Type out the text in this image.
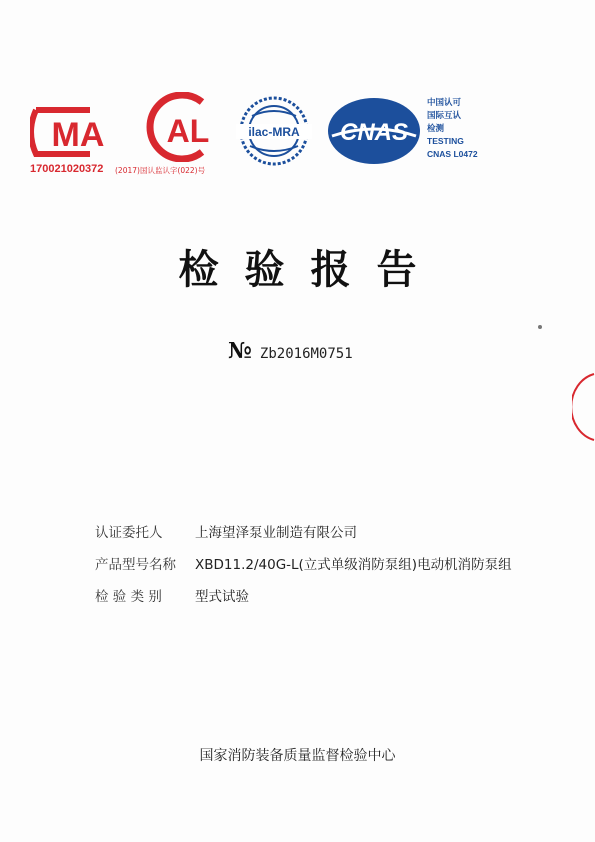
MA AL	ilac-MRA CNAS
17002102037​2 (2017)国认监认字(022)号
中国认可
国际互认
检测
TESTING
CNAS L0472
检验报告
№ Zb2016M0751
认证委托人	上海望泽泵业制造有限公司
产品型号名称	XBD11.2/40G-L(立式单级消防泵组)电动机消防泵组
检 验 类 别	型式试验
国家消防装备质量监督检验中心
